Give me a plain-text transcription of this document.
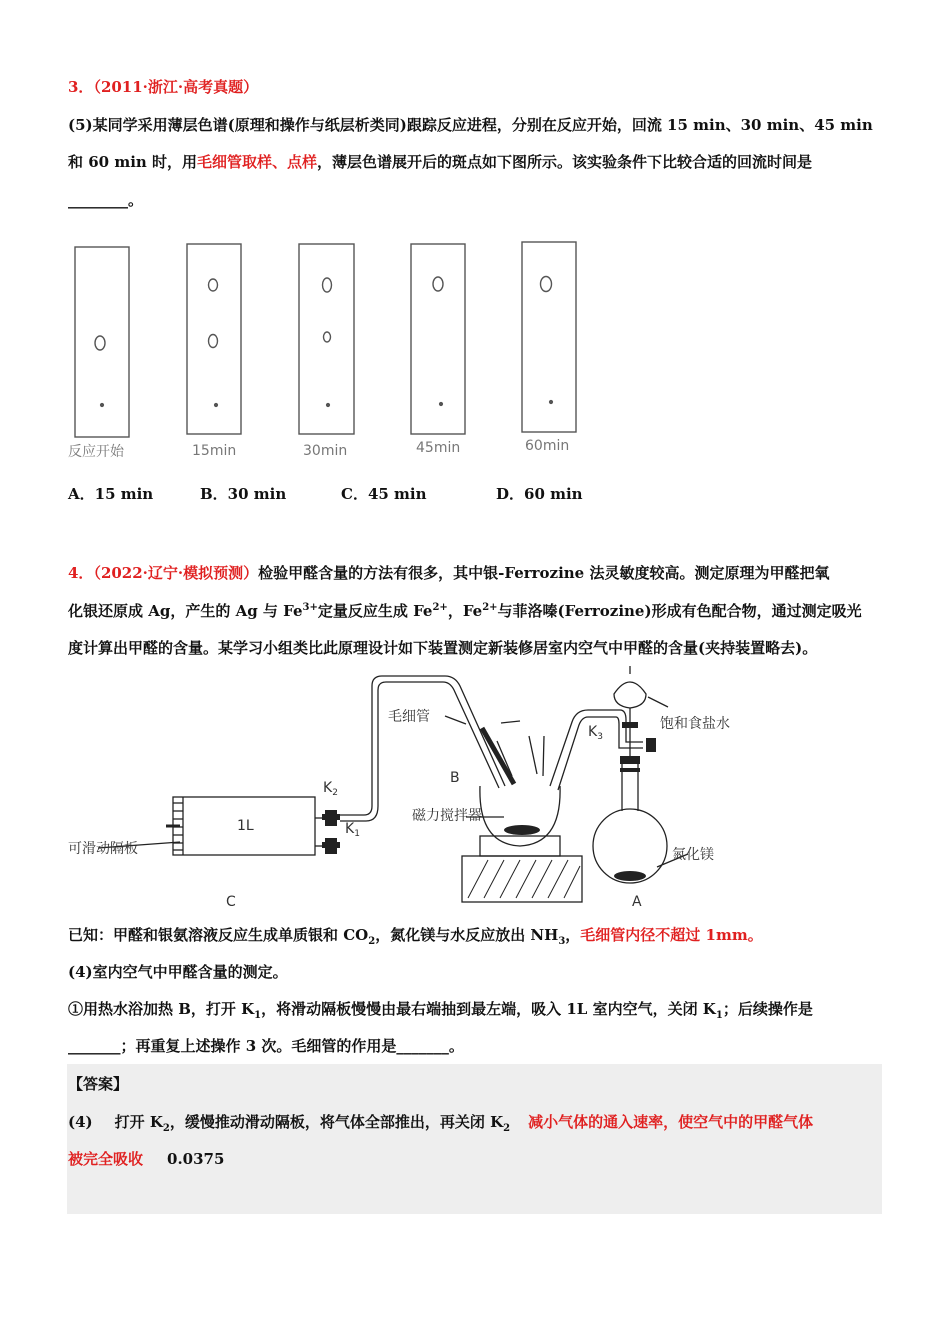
3．（2011·浙江·高考真题）
(5)某同学采用薄层色谱(原理和操作与纸层析类同)跟踪反应进程，分别在反应开始，回流 15 min、30 min、45 min
和 60 min 时，用毛细管取样、点样，薄层色谱展开后的斑点如下图所示。该实验条件下比较合适的回流时间是
________。
反应开始	15min	30min	45min	60min
A．15 min	B．30 min	C．45 min	D．60 min
4．（2022·辽宁·模拟预测）检验甲醛含量的方法有很多，其中银-Ferrozine 法灵敏度较高。测定原理为甲醛把氧
化银还原成 Ag，产生的 Ag 与 $Fe^{3+}$定量反应生成 $Fe^{2+}$，$Fe^{2+}$与菲洛嗪(Ferrozine)形成有色配合物，通过测定吸光
度计算出甲醛的含量。某学习小组类比此原理设计如下装置测定新装修居室内空气中甲醛的含量(夹持装置略去)。
毛细管	饱和食盐水
$K_3$
$K_2$
$K_1$
B
磁力搅拌器
1L
可滑动隔板	氮化镁
C	A
已知：甲醛和银氨溶液反应生成单质银和 $CO_2$，氮化镁与水反应放出 $NH_3$，毛细管内径不超过 1mm。
(4)室内空气中甲醛含量的测定。
①用热水浴加热 B，打开 $K_1$，将滑动隔板慢慢由最右端抽到最左端，吸入 1L 室内空气，关闭 $K_1$；后续操作是
_______；再重复上述操作 3 次。毛细管的作用是_______。
【答案】
(4) 打开 $K_2$，缓慢推动滑动隔板，将气体全部推出，再关闭 $K_2$ 减小气体的通入速率，使空气中的甲醛气体
被完全吸收 0.0375
